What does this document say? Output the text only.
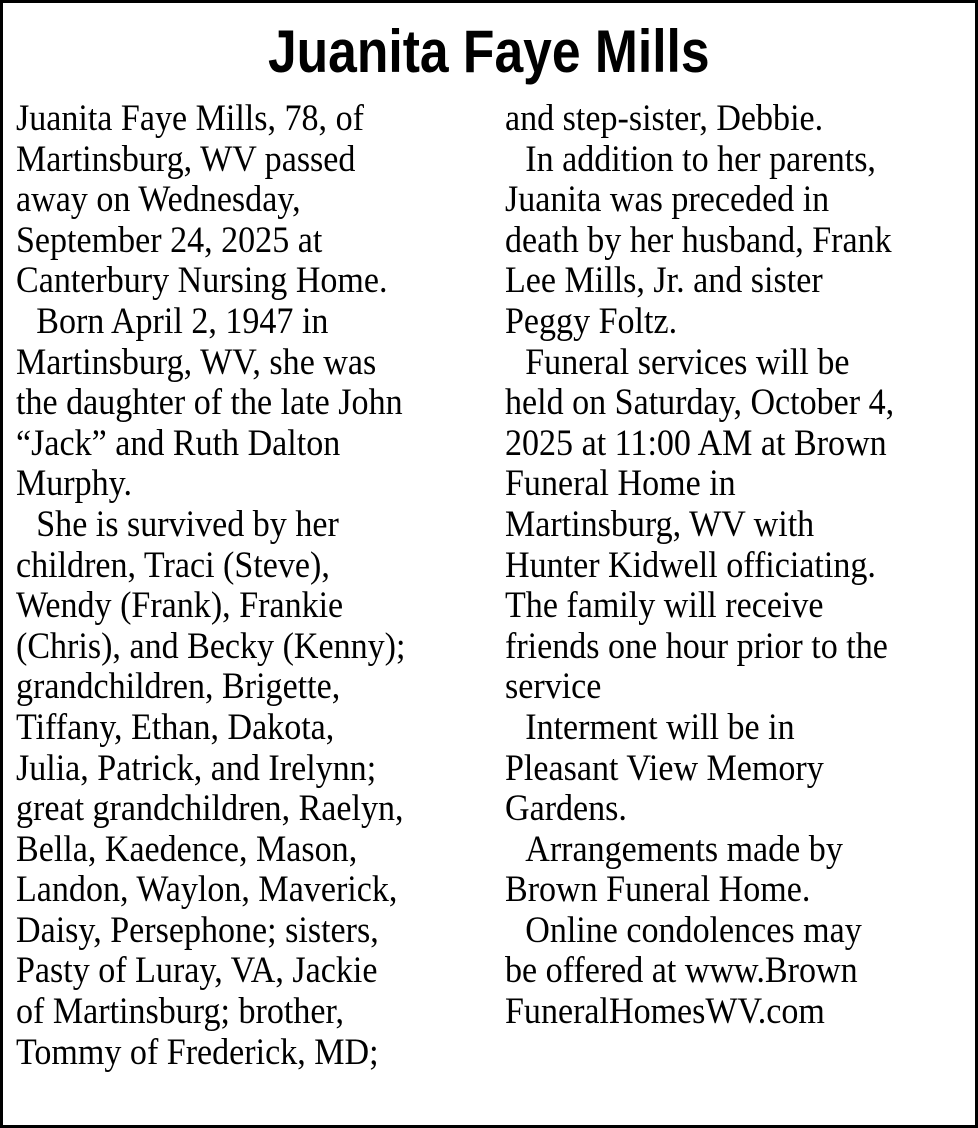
Juanita Faye Mills
Juanita Faye Mills, 78, of
Martinsburg, WV passed
away on Wednesday,
September 24, 2025 at
Canterbury Nursing Home.
Born April 2, 1947 in
Martinsburg, WV, she was
the daughter of the late John
“Jack” and Ruth Dalton
Murphy.
She is survived by her
children, Traci (Steve),
Wendy (Frank), Frankie
(Chris), and Becky (Kenny);
grandchildren, Brigette,
Tiffany, Ethan, Dakota,
Julia, Patrick, and Irelynn;
great grandchildren, Raelyn,
Bella, Kaedence, Mason,
Landon, Waylon, Maverick,
Daisy, Persephone; sisters,
Pasty of Luray, VA, Jackie
of Martinsburg; brother,
Tommy of Frederick, MD;
and step-sister, Debbie.
In addition to her parents,
Juanita was preceded in
death by her husband, Frank
Lee Mills, Jr. and sister
Peggy Foltz.
Funeral services will be
held on Saturday, October 4,
2025 at 11:00 AM at Brown
Funeral Home in
Martinsburg, WV with
Hunter Kidwell officiating.
The family will receive
friends one hour prior to the
service
Interment will be in
Pleasant View Memory
Gardens.
Arrangements made by
Brown Funeral Home.
Online condolences may
be offered at www.Brown
FuneralHomesWV.com
